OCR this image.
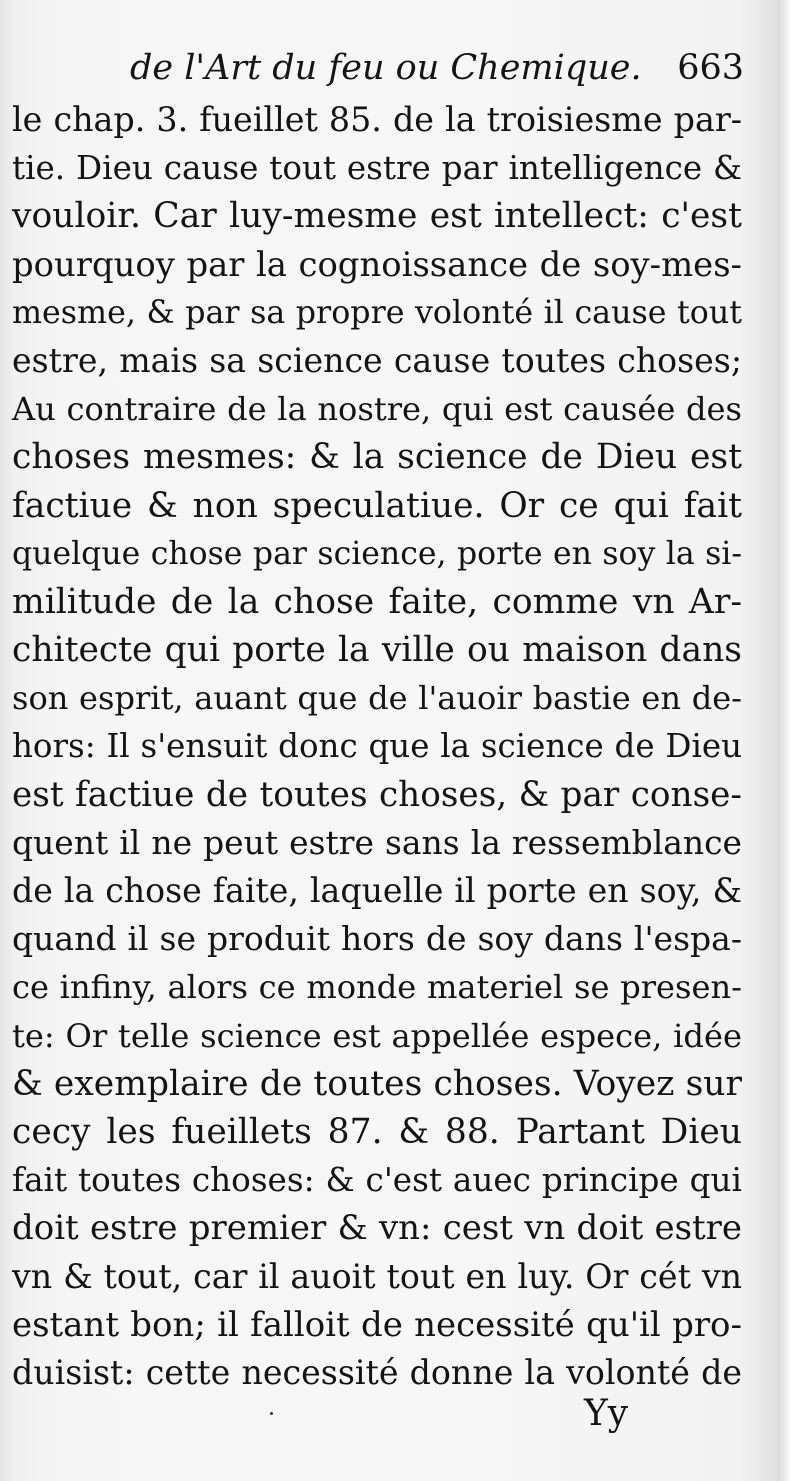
de l'Art du feu ou Chemique. 663
le chap. 3. fueillet 85. de la troisiesme par-
tie. Dieu cause tout estre par intelligence &
vouloir. Car luy-mesme est intellect: c'est
pourquoy par la cognoissance de soy-mes-
mesme, & par sa propre volonté il cause tout
estre, mais sa science cause toutes choses;
Au contraire de la nostre, qui est causée des
choses mesmes: & la science de Dieu est
factiue & non speculatiue. Or ce qui fait
quelque chose par science, porte en soy la si-
militude de la chose faite, comme vn Ar-
chitecte qui porte la ville ou maison dans
son esprit, auant que de l'auoir bastie en de-
hors: Il s'ensuit donc que la science de Dieu
est factiue de toutes choses, & par conse-
quent il ne peut estre sans la ressemblance
de la chose faite, laquelle il porte en soy, &
quand il se produit hors de soy dans l'espa-
ce infiny, alors ce monde materiel se presen-
te: Or telle science est appellée espece, idée
& exemplaire de toutes choses. Voyez sur
cecy les fueillets 87. & 88. Partant Dieu
fait toutes choses: & c'est auec principe qui
doit estre premier & vn: cest vn doit estre
vn & tout, car il auoit tout en luy. Or cét vn
estant bon; il falloit de necessité qu'il pro-
duisist: cette necessité donne la volonté de
Yy
